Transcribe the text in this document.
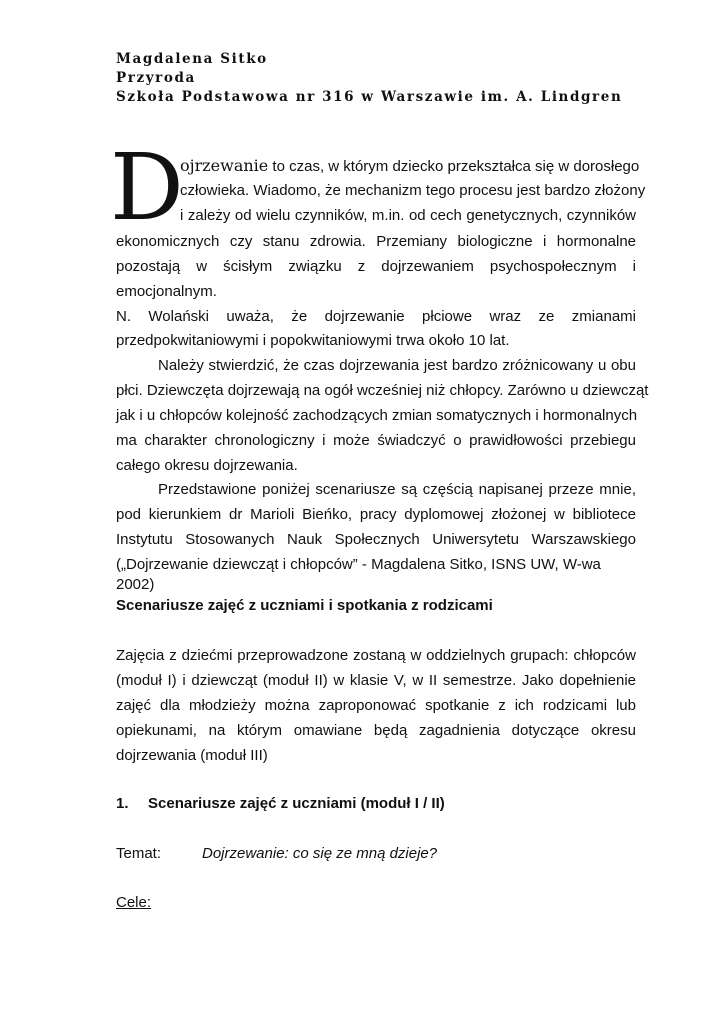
Magdalena Sitko
Przyroda
Szkoła Podstawowa nr 316 w Warszawie im. A. Lindgren
D
ojrzewanie to czas, w którym dziecko przekształca się w dorosłego
człowieka. Wiadomo, że mechanizm tego procesu jest bardzo złożony
i zależy od wielu czynników, m.in. od cech genetycznych, czynników
ekonomicznych czy stanu zdrowia. Przemiany biologiczne i hormonalne
pozostają w ścisłym związku z dojrzewaniem psychospołecznym i
emocjonalnym.
N. Wolański uważa, że dojrzewanie płciowe wraz ze zmianami
przedpokwitaniowymi i popokwitaniowymi trwa około 10 lat.
Należy stwierdzić, że czas dojrzewania jest bardzo zróżnicowany u obu
płci. Dziewczęta dojrzewają na ogół wcześniej niż chłopcy. Zarówno u dziewcząt
jak i u chłopców kolejność zachodzących zmian somatycznych i hormonalnych
ma charakter chronologiczny i może świadczyć o prawidłowości przebiegu
całego okresu dojrzewania.
Przedstawione poniżej scenariusze są częścią napisanej przeze mnie,
pod kierunkiem dr Marioli Bieńko, pracy dyplomowej złożonej w bibliotece
Instytutu Stosowanych Nauk Społecznych Uniwersytetu Warszawskiego
(„Dojrzewanie dziewcząt i chłopców” - Magdalena Sitko, ISNS UW, W-wa 2002)
Scenariusze zajęć z uczniami i spotkania z rodzicami
Zajęcia z dziećmi przeprowadzone zostaną w oddzielnych grupach: chłopców
(moduł I) i dziewcząt (moduł II) w klasie V, w II semestrze. Jako dopełnienie
zajęć dla młodzieży można zaproponować spotkanie z ich rodzicami lub
opiekunami, na którym omawiane będą zagadnienia dotyczące okresu
dojrzewania (moduł III)
1. Scenariusze zajęć z uczniami (moduł I / II)
Temat:	Dojrzewanie: co się ze mną dzieje?
Cele:
